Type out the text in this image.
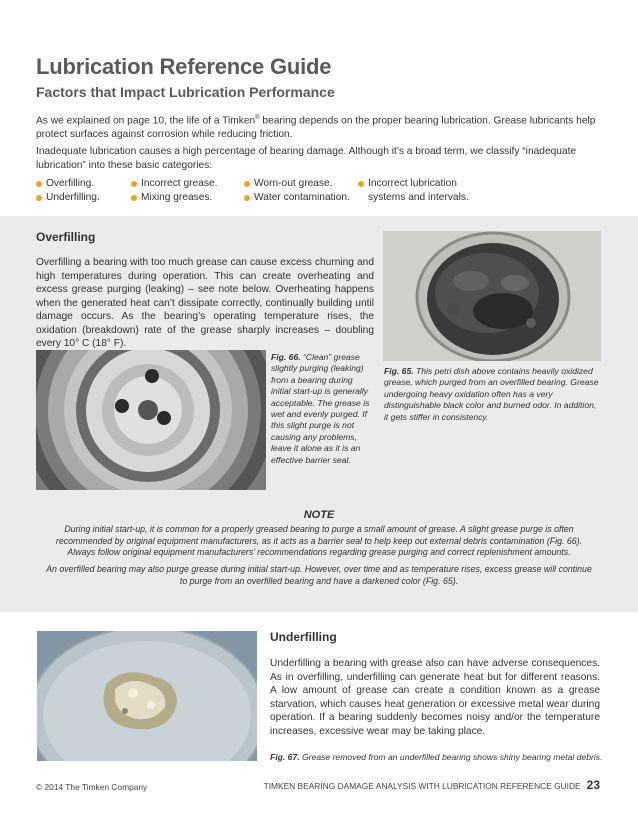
Lubrication Reference Guide
Factors that Impact Lubrication Performance

As we explained on page 10, the life of a Timken® bearing depends on the proper bearing lubrication. Grease lubricants help protect surfaces against corrosion while reducing friction.

Inadequate lubrication causes a high percentage of bearing damage. Although it’s a broad term, we classify “inadequate lubrication” into these basic categories:

Overfilling.
Underfilling.
Incorrect grease.
Mixing greases.
Worn-out grease.
Water contamination.
Incorrect lubrication
systems and intervals.
Overfilling

Overfilling a bearing with too much grease can cause excess churning and high temperatures during operation. This can create overheating and excess grease purging (leaking) – see note below. Overheating happens when the generated heat can’t dissipate correctly, continually building until damage occurs. As the bearing’s operating temperature rises, the oxidation (breakdown) rate of the grease sharply increases – doubling every 10° C (18° F).

Fig. 66. “Clean” grease slightly purging (leaking) from a bearing during initial start-up is generally acceptable. The grease is wet and evenly purged. If this slight purge is not causing any problems, leave it alone as it is an effective barrier seal.
Fig. 65. This petri dish above contains heavily oxidized grease, which purged from an overfilled bearing. Grease undergoing heavy oxidation often has a very distinguishable black color and burned odor. In addition, it gets stiffer in consistency.
NOTE

During initial start-up, it is common for a properly greased bearing to purge a small amount of grease. A slight grease purge is often recommended by original equipment manufacturers, as it acts as a barrier seal to help keep out external debris contamination (Fig. 66). Always follow original equipment manufacturers’ recommendations regarding grease purging and correct replenishment amounts.

An overfilled bearing may also purge grease during initial start-up. However, over time and as temperature rises, excess grease will continue to purge from an overfilled bearing and have a darkened color (Fig. 65).

Underfilling

Underfilling a bearing with grease also can have adverse consequences. As in overfilling, underfilling can generate heat but for different reasons. A low amount of grease can create a condition known as a grease starvation, which causes heat generation or excessive metal wear during operation. If a bearing suddenly becomes noisy and/or the temperature increases, excessive wear may be taking place.

Fig. 67. Grease removed from an underfilled bearing shows shiny bearing metal debris.
© 2014 The Timken Company	TIMKEN BEARING DAMAGE ANALYSIS WITH LUBRICATION REFERENCE GUIDE 23
